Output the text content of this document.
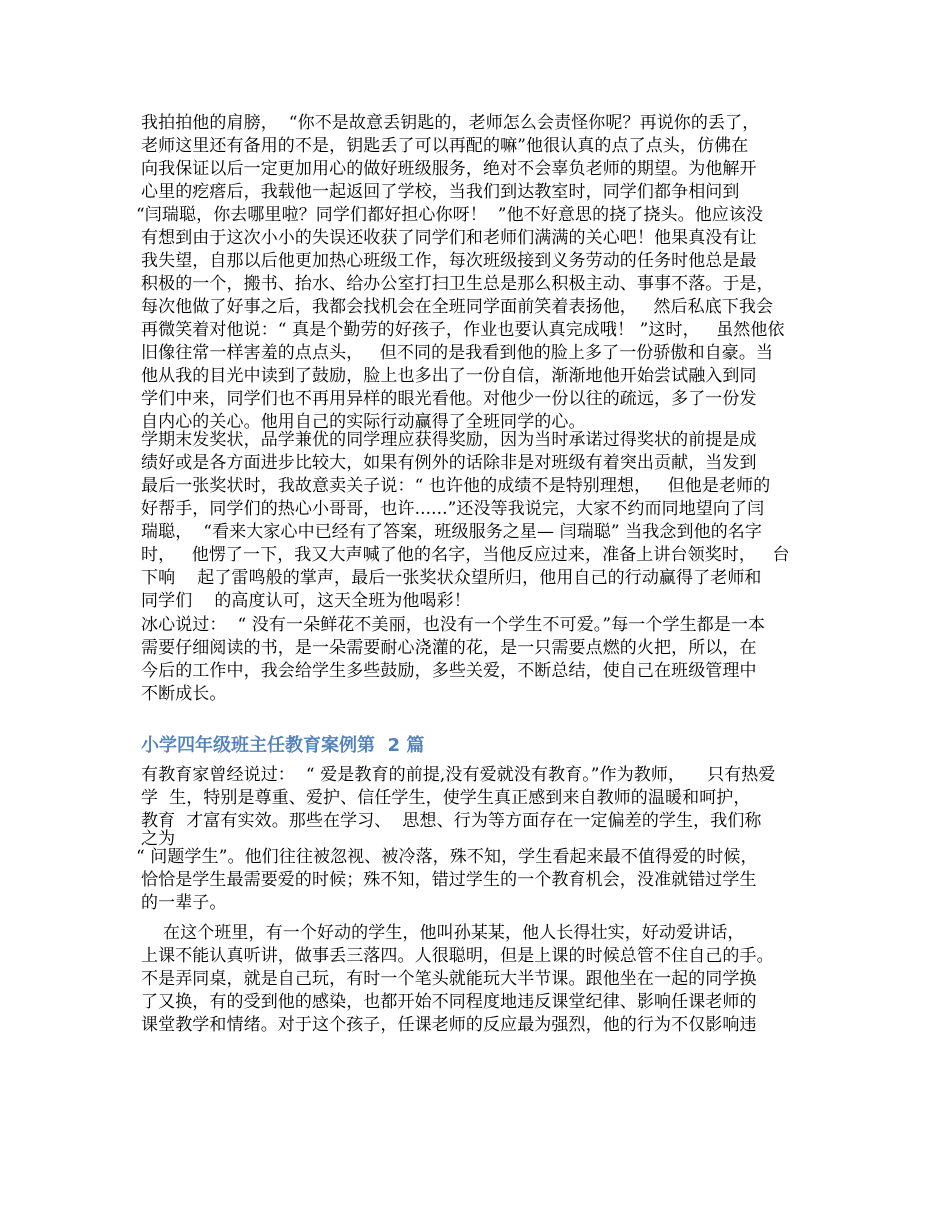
我拍拍他的肩膀，  “你不是故意丢钥匙的，老师怎么会责怪你呢？再说你的丢了，
老师这里还有备用的不是，钥匙丢了可以再配的嘛”他很认真的点了点头，仿佛在
向我保证以后一定更加用心的做好班级服务，绝对不会辜负老师的期望。为他解开
心里的疙瘩后，我载他一起返回了学校，当我们到达教室时，同学们都争相问到
“闫瑞聪，你去哪里啦？同学们都好担心你呀！  ”他不好意思的挠了挠头。他应该没
有想到由于这次小小的失误还收获了同学们和老师们满满的关心吧！他果真没有让
我失望，自那以后他更加热心班级工作，每次班级接到义务劳动的任务时他总是最
积极的一个，搬书、抬水、给办公室打扫卫生总是那么积极主动、事事不落。于是，
每次他做了好事之后，我都会找机会在全班同学面前笑着表扬他，   然后私底下我会
再微笑着对他说：“ 真是个勤劳的好孩子，作业也要认真完成哦！ ”这时，   虽然他依
旧像往常一样害羞的点点头，   但不同的是我看到他的脸上多了一份骄傲和自豪。当
他从我的目光中读到了鼓励，脸上也多出了一份自信，渐渐地他开始尝试融入到同
学们中来，同学们也不再用异样的眼光看他。对他少一份以往的疏远，多了一份发
自内心的关心。他用自己的实际行动赢得了全班同学的心。
学期末发奖状，品学兼优的同学理应获得奖励，因为当时承诺过得奖状的前提是成
绩好或是各方面进步比较大，如果有例外的话除非是对班级有着突出贡献，当发到
最后一张奖状时，我故意卖关子说：“ 也许他的成绩不是特别理想，   但他是老师的
好帮手，同学们的热心小哥哥，也许......”还没等我说完，大家不约而同地望向了闫
瑞聪，  “看来大家心中已经有了答案，班级服务之星— 闫瑞聪” 当我念到他的名字
时，   他愣了一下，我又大声喊了他的名字，当他反应过来，准备上讲台领奖时，   台
下响    起了雷鸣般的掌声，最后一张奖状众望所归，他用自己的行动赢得了老师和
同学们    的高度认可，这天全班为他喝彩！
冰心说过：  “ 没有一朵鲜花不美丽，也没有一个学生不可爱。”每一个学生都是一本
需要仔细阅读的书，是一朵需要耐心浇灌的花，是一只需要点燃的火把，所以，在
今后的工作中，我会给学生多些鼓励，多些关爱，不断总结，使自己在班级管理中
不断成长。
小学四年级班主任教育案例第  2 篇
有教育家曾经说过：  “ 爱是教育的前提,没有爱就没有教育。”作为教师，    只有热爱
学  生，特别是尊重、爱护、信任学生，使学生真正感到来自教师的温暖和呵护，
教育  才富有实效。那些在学习、  思想、行为等方面存在一定偏差的学生，我们称
之为
“ 问题学生”。他们往往被忽视、被冷落，殊不知，学生看起来最不值得爱的时候，
恰恰是学生最需要爱的时候；殊不知，错过学生的一个教育机会，没准就错过学生
的一辈子。
在这个班里，有一个好动的学生，他叫孙某某，他人长得壮实，好动爱讲话，
上课不能认真听讲，做事丢三落四。人很聪明，但是上课的时候总管不住自己的手。
不是弄同桌，就是自己玩，有时一个笔头就能玩大半节课。跟他坐在一起的同学换
了又换，有的受到他的感染，也都开始不同程度地违反课堂纪律、影响任课老师的
课堂教学和情绪。对于这个孩子，任课老师的反应最为强烈，他的行为不仅影响违
